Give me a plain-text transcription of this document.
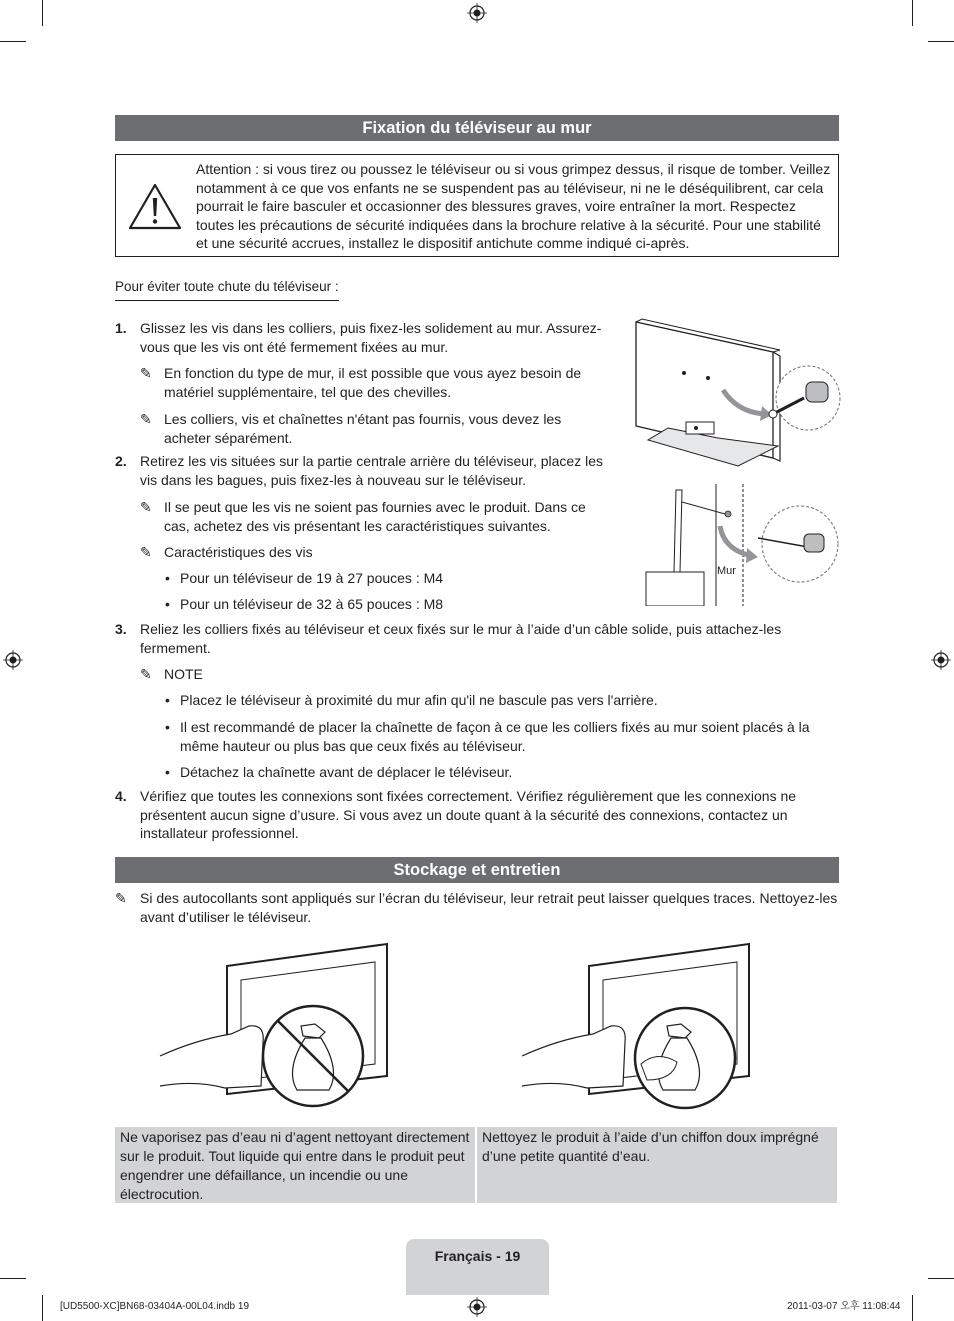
Fixation du téléviseur au mur
Attention : si vous tirez ou poussez le téléviseur ou si vous grimpez dessus, il risque de tomber. Veillez notamment à ce que vos enfants ne se suspendent pas au téléviseur, ni ne le déséquilibrent, car cela pourrait le faire basculer et occasionner des blessures graves, voire entraîner la mort. Respectez toutes les précautions de sécurité indiquées dans la brochure relative à la sécurité. Pour une stabilité et une sécurité accrues, installez le dispositif antichute comme indiqué ci-après.
Pour éviter toute chute du téléviseur :
1. Glissez les vis dans les colliers, puis fixez-les solidement au mur. Assurez-vous que les vis ont été fermement fixées au mur.
✎ En fonction du type de mur, il est possible que vous ayez besoin de matériel supplémentaire, tel que des chevilles.
✎ Les colliers, vis et chaînettes n'étant pas fournis, vous devez les acheter séparément.
2. Retirez les vis situées sur la partie centrale arrière du téléviseur, placez les vis dans les bagues, puis fixez-les à nouveau sur le téléviseur.
✎ Il se peut que les vis ne soient pas fournies avec le produit. Dans ce cas, achetez des vis présentant les caractéristiques suivantes.
✎ Caractéristiques des vis
• Pour un téléviseur de 19 à 27 pouces : M4
• Pour un téléviseur de 32 à 65 pouces : M8
3. Reliez les colliers fixés au téléviseur et ceux fixés sur le mur à l’aide d’un câble solide, puis attachez-les fermement.
✎ NOTE
• Placez le téléviseur à proximité du mur afin qu'il ne bascule pas vers l'arrière.
• Il est recommandé de placer la chaînette de façon à ce que les colliers fixés au mur soient placés à la même hauteur ou plus bas que ceux fixés au téléviseur.
• Détachez la chaînette avant de déplacer le téléviseur.
4. Vérifiez que toutes les connexions sont fixées correctement. Vérifiez régulièrement que les connexions ne présentent aucun signe d’usure. Si vous avez un doute quant à la sécurité des connexions, contactez un installateur professionnel.
Mur
Stockage et entretien
✎ Si des autocollants sont appliqués sur l’écran du téléviseur, leur retrait peut laisser quelques traces. Nettoyez-les avant d’utiliser le téléviseur.
Ne vaporisez pas d’eau ni d’agent nettoyant directement sur le produit. Tout liquide qui entre dans le produit peut engendrer une défaillance, un incendie ou une électrocution.
Nettoyez le produit à l’aide d’un chiffon doux imprégné d’une petite quantité d’eau.
Français - 19
[UD5500-XC]BN68-03404A-00L04.indb 19	2011-03-07 오후 11:08:44
